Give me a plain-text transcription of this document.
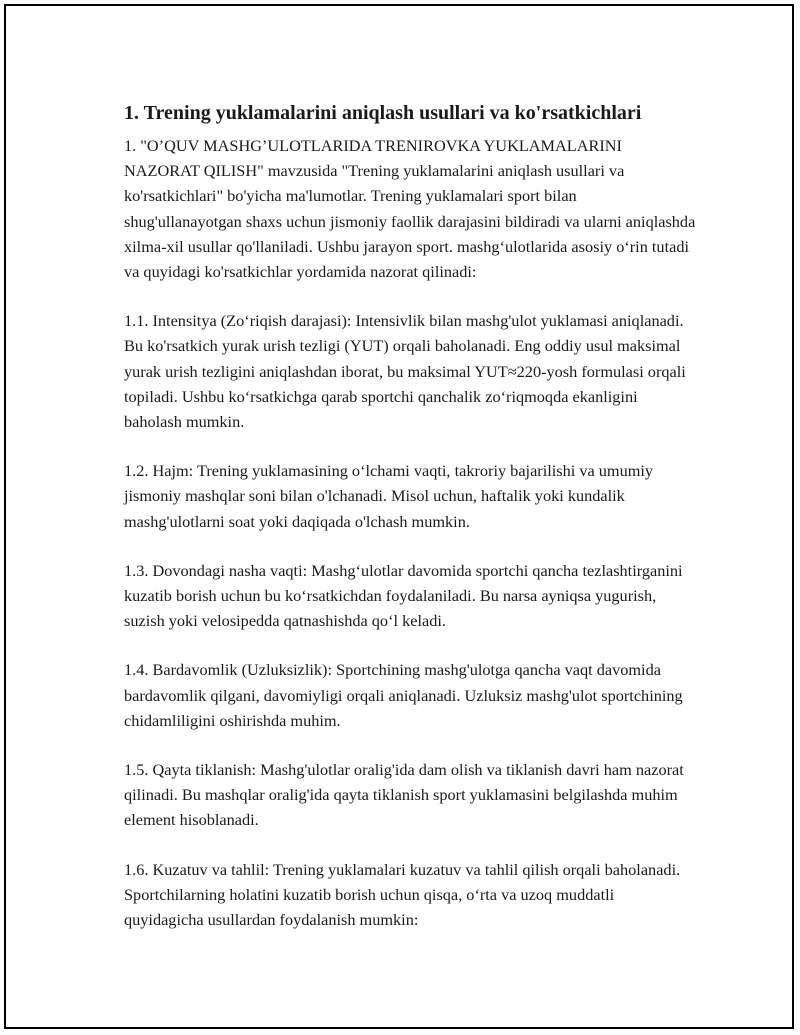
1. Trening yuklamalarini aniqlash usullari va ko'rsatkichlari

1. "O’QUV MASHG’ULOTLARIDA TRENIROVKA YUKLAMALARINI NAZORAT QILISH" mavzusida "Trening yuklamalarini aniqlash usullari va ko'rsatkichlari" bo'yicha ma'lumotlar. Trening yuklamalari sport bilan shug'ullanayotgan shaxs uchun jismoniy faollik darajasini bildiradi va ularni aniqlashda xilma-xil usullar qo'llaniladi. Ushbu jarayon sport. mashg‘ulotlarida asosiy o‘rin tutadi va quyidagi ko'rsatkichlar yordamida nazorat qilinadi:

1.1. Intensitya (Zo‘riqish darajasi): Intensivlik bilan mashg'ulot yuklamasi aniqlanadi. Bu ko'rsatkich yurak urish tezligi (YUT) orqali baholanadi. Eng oddiy usul maksimal yurak urish tezligini aniqlashdan iborat, bu maksimal YUT≈220-yosh formulasi orqali topiladi. Ushbu ko‘rsatkichga qarab sportchi qanchalik zo‘riqmoqda ekanligini baholash mumkin.

1.2. Hajm: Trening yuklamasining o‘lchami vaqti, takroriy bajarilishi va umumiy jismoniy mashqlar soni bilan o'lchanadi. Misol uchun, haftalik yoki kundalik mashg'ulotlarni soat yoki daqiqada o'lchash mumkin.

1.3. Dovondagi nasha vaqti: Mashg‘ulotlar davomida sportchi qancha tezlashtirganini kuzatib borish uchun bu ko‘rsatkichdan foydalaniladi. Bu narsa ayniqsa yugurish, suzish yoki velosipedda qatnashishda qo‘l keladi.

1.4. Bardavomlik (Uzluksizlik): Sportchining mashg'ulotga qancha vaqt davomida bardavomlik qilgani, davomiyligi orqali aniqlanadi. Uzluksiz mashg'ulot sportchining chidamliligini oshirishda muhim.

1.5. Qayta tiklanish: Mashg'ulotlar oralig'ida dam olish va tiklanish davri ham nazorat qilinadi. Bu mashqlar oralig'ida qayta tiklanish sport yuklamasini belgilashda muhim element hisoblanadi.

1.6. Kuzatuv va tahlil: Trening yuklamalari kuzatuv va tahlil qilish orqali baholanadi. Sportchilarning holatini kuzatib borish uchun qisqa, o‘rta va uzoq muddatli quyidagicha usullardan foydalanish mumkin:
